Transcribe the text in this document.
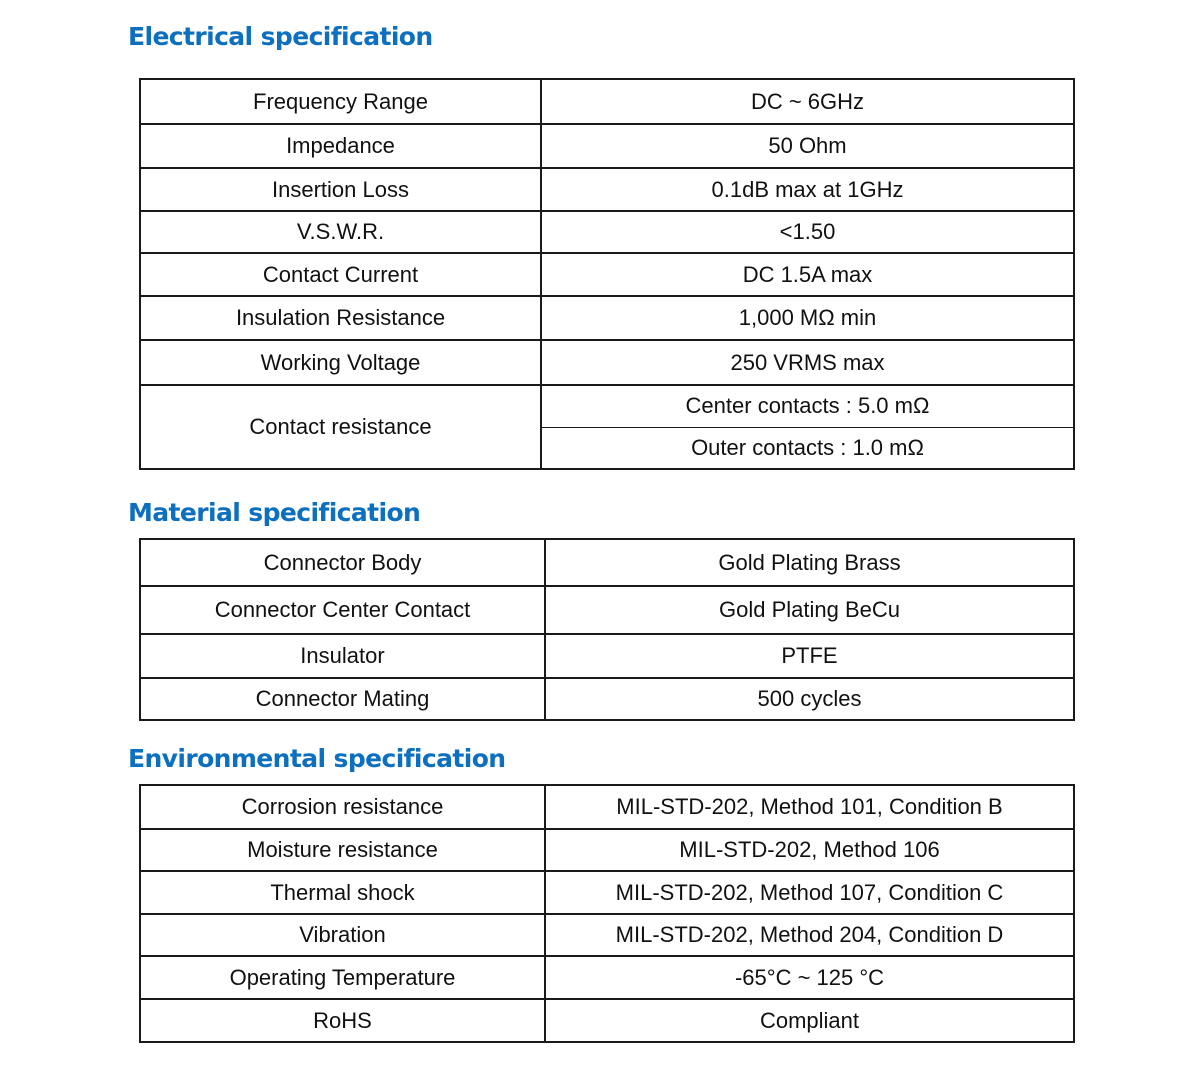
Electrical specification
Frequency Range	DC ~ 6GHz
Impedance	50 Ohm
Insertion Loss	0.1dB max at 1GHz
V.S.W.R.	<1.50
Contact Current	DC 1.5A max
Insulation Resistance	1,000 MΩ min
Working Voltage	250 VRMS max
Contact resistance	Center contacts : 5.0 mΩ
	Outer contacts : 1.0 mΩ
Material specification
Connector Body	Gold Plating Brass
Connector Center Contact	Gold Plating BeCu
Insulator	PTFE
Connector Mating	500 cycles
Environmental specification
Corrosion resistance	MIL-STD-202, Method 101, Condition B
Moisture resistance	MIL-STD-202, Method 106
Thermal shock	MIL-STD-202, Method 107, Condition C
Vibration	MIL-STD-202, Method 204, Condition D
Operating Temperature	-65°C ~ 125 °C
RoHS	Compliant
